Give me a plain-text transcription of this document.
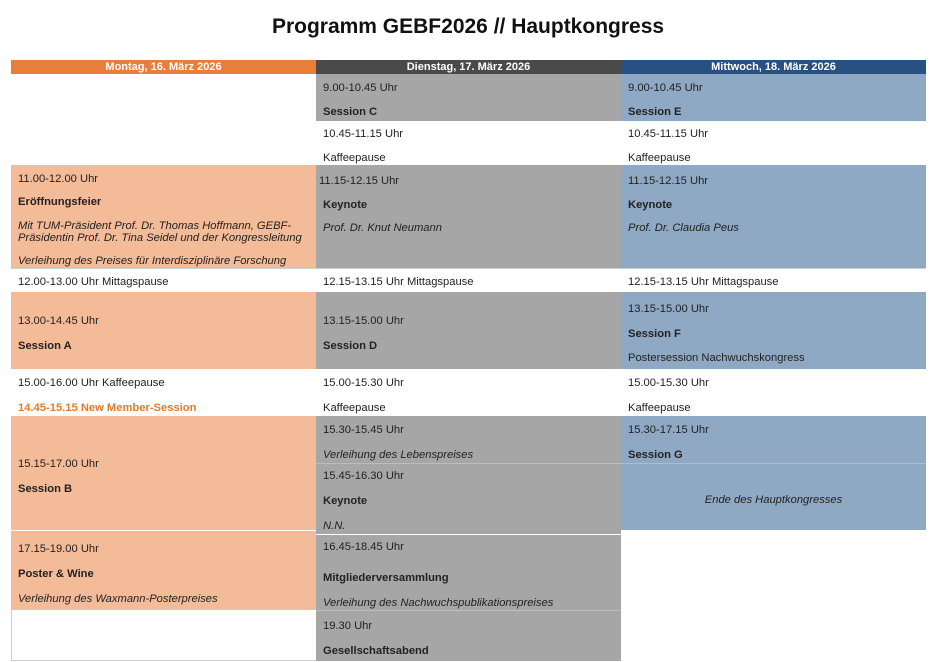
Programm GEBF2026 // Hauptkongress
Montag, 16. März 2026	Dienstag, 17. März 2026	Mittwoch, 18. März 2026
11.00-12.00 Uhr
Eröffnungsfeier
Mit TUM-Präsident Prof. Dr. Thomas Hoffmann, GEBF-
Präsidentin Prof. Dr. Tina Seidel und der Kongressleitung
Verleihung des Preises für Interdisziplinäre Forschung
12.00-13.00 Uhr Mittagspause
13.00-14.45 Uhr
Session A
15.00-16.00 Uhr Kaffeepause
14.45-15.15 New Member-Session
15.15-17.00 Uhr
Session B
17.15-19.00 Uhr
Poster & Wine
Verleihung des Waxmann-Posterpreises
9.00-10.45 Uhr
Session C
10.45-11.15 Uhr
Kaffeepause
11.15-12.15 Uhr
Keynote
Prof. Dr. Knut Neumann
12.15-13.15 Uhr Mittagspause
13.15-15.00 Uhr
Session D
15.00-15.30 Uhr
Kaffeepause
15.30-15.45 Uhr
Verleihung des Lebenspreises
15.45-16.30 Uhr
Keynote
N.N.
16.45-18.45 Uhr
Mitgliederversammlung
Verleihung des Nachwuchspublikationspreises
19.30 Uhr
Gesellschaftsabend
9.00-10.45 Uhr
Session E
10.45-11.15 Uhr
Kaffeepause
11.15-12.15 Uhr
Keynote
Prof. Dr. Claudia Peus
12.15-13.15 Uhr Mittagspause
13.15-15.00 Uhr
Session F
Postersession Nachwuchskongress
15.00-15.30 Uhr
Kaffeepause
15.30-17.15 Uhr
Session G
Ende des Hauptkongresses
